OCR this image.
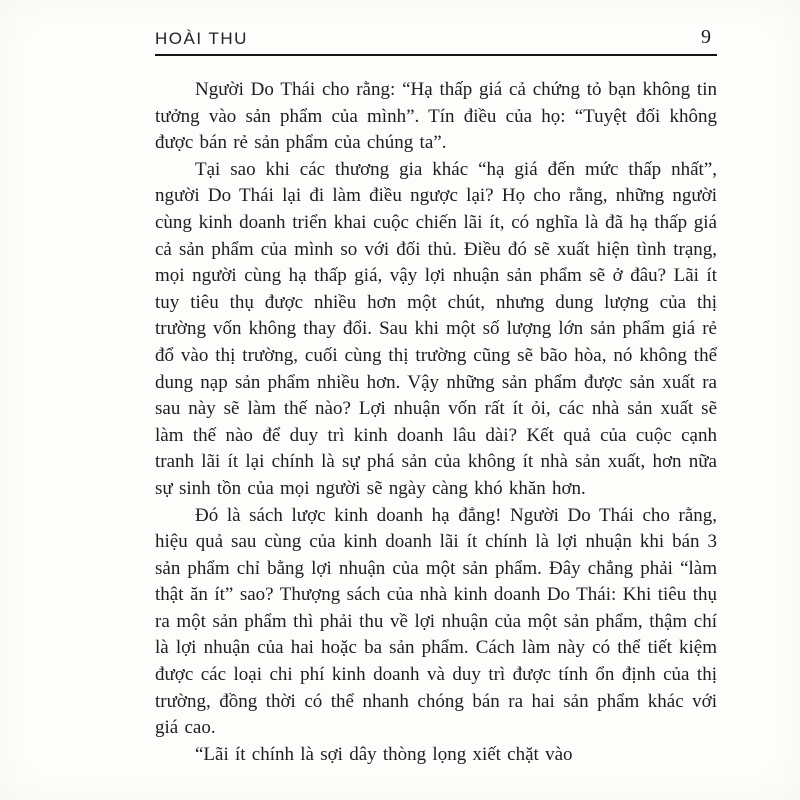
HOÀI THU	9

Người Do Thái cho rằng: “Hạ thấp giá cả chứng tỏ bạn không tin tưởng vào sản phẩm của mình”. Tín điều của họ: “Tuyệt đối không được bán rẻ sản phẩm của chúng ta”.

Tại sao khi các thương gia khác “hạ giá đến mức thấp nhất”, người Do Thái lại đi làm điều ngược lại? Họ cho rằng, những người cùng kinh doanh triển khai cuộc chiến lãi ít, có nghĩa là đã hạ thấp giá cả sản phẩm của mình so với đối thủ. Điều đó sẽ xuất hiện tình trạng, mọi người cùng hạ thấp giá, vậy lợi nhuận sản phẩm sẽ ở đâu? Lãi ít tuy tiêu thụ được nhiều hơn một chút, nhưng dung lượng của thị trường vốn không thay đổi. Sau khi một số lượng lớn sản phẩm giá rẻ đổ vào thị trường, cuối cùng thị trường cũng sẽ bão hòa, nó không thể dung nạp sản phẩm nhiều hơn. Vậy những sản phẩm được sản xuất ra sau này sẽ làm thế nào? Lợi nhuận vốn rất ít ỏi, các nhà sản xuất sẽ làm thế nào để duy trì kinh doanh lâu dài? Kết quả của cuộc cạnh tranh lãi ít lại chính là sự phá sản của không ít nhà sản xuất, hơn nữa sự sinh tồn của mọi người sẽ ngày càng khó khăn hơn.

Đó là sách lược kinh doanh hạ đẳng! Người Do Thái cho rằng, hiệu quả sau cùng của kinh doanh lãi ít chính là lợi nhuận khi bán 3 sản phẩm chỉ bằng lợi nhuận của một sản phẩm. Đây chẳng phải “làm thật ăn ít” sao? Thượng sách của nhà kinh doanh Do Thái: Khi tiêu thụ ra một sản phẩm thì phải thu về lợi nhuận của một sản phẩm, thậm chí là lợi nhuận của hai hoặc ba sản phẩm. Cách làm này có thể tiết kiệm được các loại chi phí kinh doanh và duy trì được tính ổn định của thị trường, đồng thời có thể nhanh chóng bán ra hai sản phẩm khác với giá cao.

“Lãi ít chính là sợi dây thòng lọng xiết chặt vào
